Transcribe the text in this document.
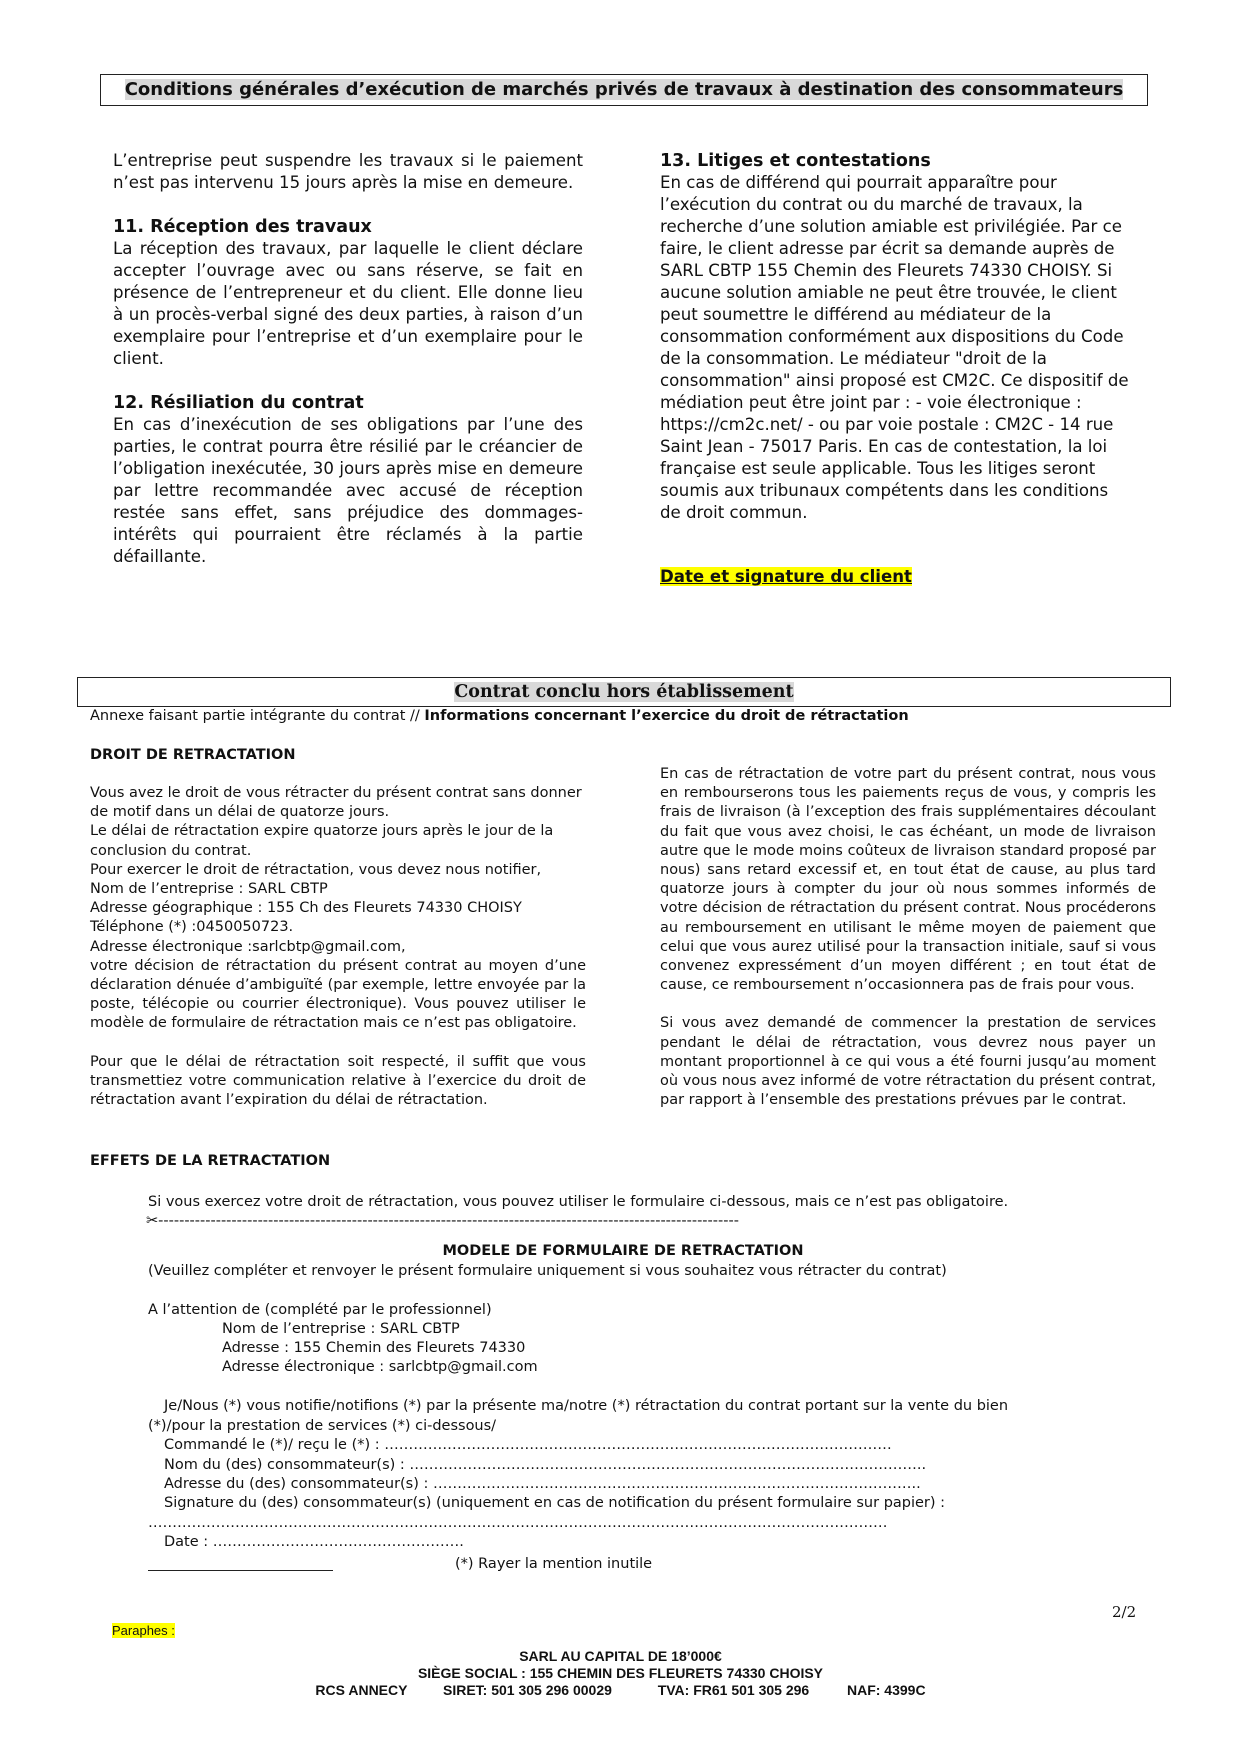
Conditions générales d’exécution de marchés privés de travaux à destination des consommateurs

L’entreprise peut suspendre les travaux si le paiement n’est pas intervenu 15 jours après la mise en demeure.

11. Réception des travaux

La réception des travaux, par laquelle le client déclare accepter l’ouvrage avec ou sans réserve, se fait en présence de l’entrepreneur et du client. Elle donne lieu à un procès-verbal signé des deux parties, à raison d’un exemplaire pour l’entreprise et d’un exemplaire pour le client.

12. Résiliation du contrat

En cas d’inexécution de ses obligations par l’une des parties, le contrat pourra être résilié par le créancier de l’obligation inexécutée, 30 jours après mise en demeure par lettre recommandée avec accusé de réception restée sans effet, sans préjudice des dommages-intérêts qui pourraient être réclamés à la partie défaillante.

13. Litiges et contestations

En cas de différend qui pourrait apparaître pour l’exécution du contrat ou du marché de travaux, la recherche d’une solution amiable est privilégiée. Par ce faire, le client adresse par écrit sa demande auprès de SARL CBTP 155 Chemin des Fleurets 74330 CHOISY. Si aucune solution amiable ne peut être trouvée, le client peut soumettre le différend au médiateur de la consommation conformément aux dispositions du Code de la consommation. Le médiateur "droit de la consommation" ainsi proposé est CM2C. Ce dispositif de médiation peut être joint par : - voie électronique : https://cm2c.net/ - ou par voie postale : CM2C - 14 rue Saint Jean - 75017 Paris. En cas de contestation, la loi française est seule applicable. Tous les litiges seront soumis aux tribunaux compétents dans les conditions de droit commun.

Date et signature du client
Contrat conclu hors établissement
Annexe faisant partie intégrante du contrat // Informations concernant l’exercice du droit de rétractation
DROIT DE RETRACTATION

Vous avez le droit de vous rétracter du présent contrat sans donner de motif dans un délai de quatorze jours.

Le délai de rétractation expire quatorze jours après le jour de la conclusion du contrat.

Pour exercer le droit de rétractation, vous devez nous notifier,

Nom de l’entreprise : SARL CBTP

Adresse géographique : 155 Ch des Fleurets 74330 CHOISY

Téléphone (*) :0450050723.

Adresse électronique :sarlcbtp@gmail.com,

votre décision de rétractation du présent contrat au moyen d’une déclaration dénuée d’ambiguïté (par exemple, lettre envoyée par la poste, télécopie ou courrier électronique). Vous pouvez utiliser le modèle de formulaire de rétractation mais ce n’est pas obligatoire.

Pour que le délai de rétractation soit respecté, il suffit que vous transmettiez votre communication relative à l’exercice du droit de rétractation avant l’expiration du délai de rétractation.

EFFETS DE LA RETRACTATION

En cas de rétractation de votre part du présent contrat, nous vous en rembourserons tous les paiements reçus de vous, y compris les frais de livraison (à l’exception des frais supplémentaires découlant du fait que vous avez choisi, le cas échéant, un mode de livraison autre que le mode moins coûteux de livraison standard proposé par nous) sans retard excessif et, en tout état de cause, au plus tard quatorze jours à compter du jour où nous sommes informés de votre décision de rétractation du présent contrat. Nous procéderons au remboursement en utilisant le même moyen de paiement que celui que vous aurez utilisé pour la transaction initiale, sauf si vous convenez expressément d’un moyen différent ; en tout état de cause, ce remboursement n’occasionnera pas de frais pour vous.

Si vous avez demandé de commencer la prestation de services pendant le délai de rétractation, vous devrez nous payer un montant proportionnel à ce qui vous a été fourni jusqu’au moment où vous nous avez informé de votre rétractation du présent contrat, par rapport à l’ensemble des prestations prévues par le contrat.

Si vous exercez votre droit de rétractation, vous pouvez utiliser le formulaire ci-dessous, mais ce n’est pas obligatoire.
✂---------------------------------------------------------------------------------------------------------------
MODELE DE FORMULAIRE DE RETRACTATION
(Veuillez compléter et renvoyer le présent formulaire uniquement si vous souhaitez vous rétracter du contrat)
A l’attention de (complété par le professionnel)
Nom de l’entreprise : SARL CBTP
Adresse : 155 Chemin des Fleurets 74330
Adresse électronique : sarlcbtp@gmail.com
Je/Nous (*) vous notifie/notifions (*) par la présente ma/notre (*) rétractation du contrat portant sur la vente du bien
(*)/pour la prestation de services (*) ci-dessous/
Commandé le (*)/ reçu le (*) : ……………………………………………………………………………………………
Nom du (des) consommateur(s) : ……………………………………………………………………………………………..
Adresse du (des) consommateur(s) : ………………………………………………………………………………………..
Signature du (des) consommateur(s) (uniquement en cas de notification du présent formulaire sur papier) :
………………………………………………………………………………………………………………………………………
Date : …………………………………………….
(*) Rayer la mention inutile
2/2
Paraphes :
SARL AU CAPITAL DE 18’000€
SIÈGE SOCIAL : 155 CHEMIN DES FLEURETS 74330 CHOISY
RCS ANNECY	SIRET: 501 305 296 00029	TVA: FR61 501 305 296	NAF: 4399C
